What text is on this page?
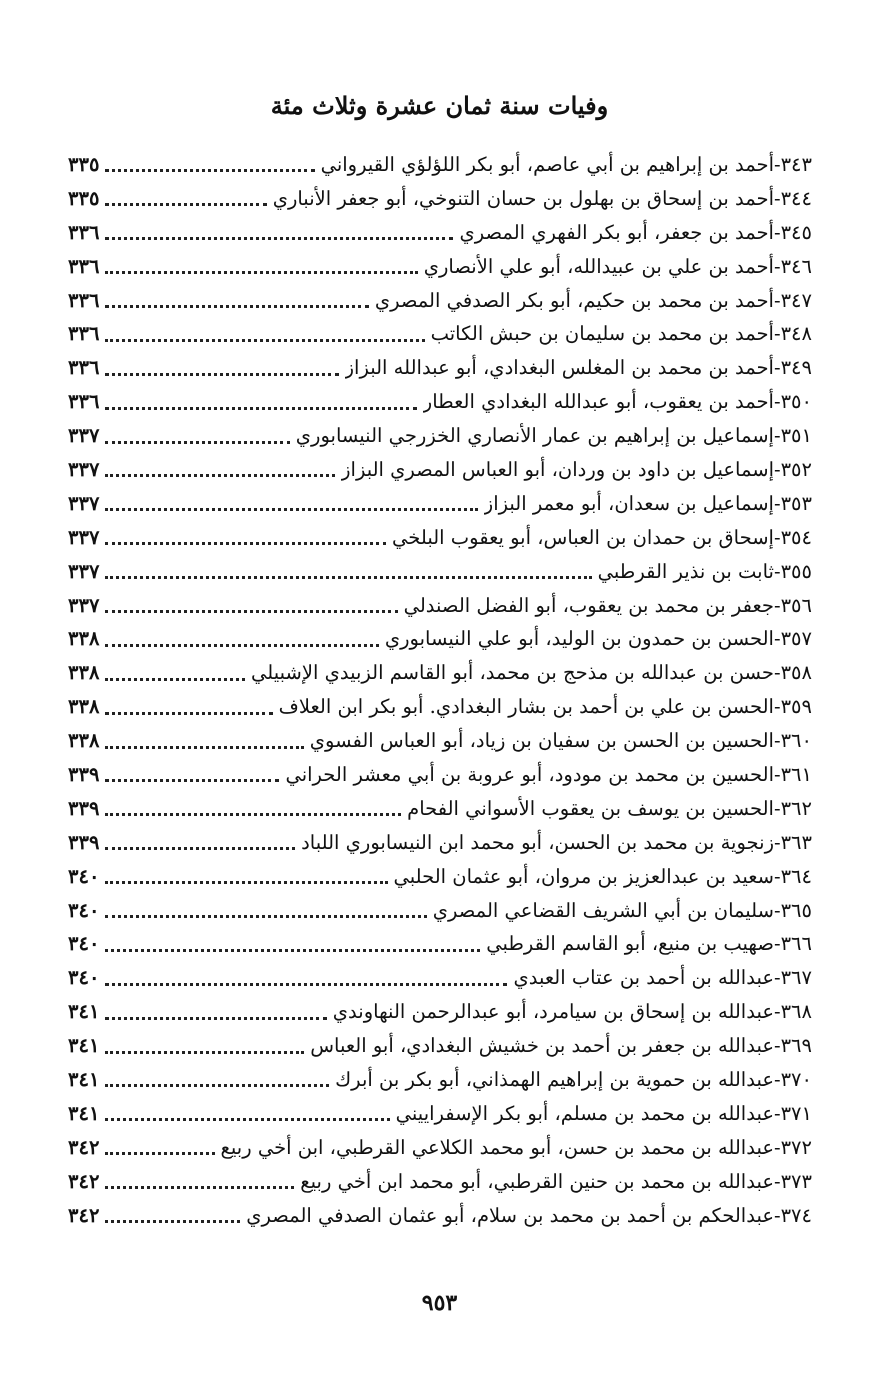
وفيات سنة ثمان عشرة وثلاث مئة
٣٤٣-
أحمد بن إبراهيم بن أبي عاصم، أبو بكر اللؤلؤي القيرواني
٣٣٥
٣٤٤-
أحمد بن إسحاق بن بهلول بن حسان التنوخي، أبو جعفر الأنباري
٣٣٥
٣٤٥-
أحمد بن جعفر، أبو بكر الفهري المصري
٣٣٦
٣٤٦-
أحمد بن علي بن عبيدالله، أبو علي الأنصاري
٣٣٦
٣٤٧-
أحمد بن محمد بن حكيم، أبو بكر الصدفي المصري
٣٣٦
٣٤٨-
أحمد بن محمد بن سليمان بن حبش الكاتب
٣٣٦
٣٤٩-
أحمد بن محمد بن المغلس البغدادي، أبو عبدالله البزاز
٣٣٦
٣٥٠-
أحمد بن يعقوب، أبو عبدالله البغدادي العطار
٣٣٦
٣٥١-
إسماعيل بن إبراهيم بن عمار الأنصاري الخزرجي النيسابوري
٣٣٧
٣٥٢-
إسماعيل بن داود بن وردان، أبو العباس المصري البزاز
٣٣٧
٣٥٣-
إسماعيل بن سعدان، أبو معمر البزاز
٣٣٧
٣٥٤-
إسحاق بن حمدان بن العباس، أبو يعقوب البلخي
٣٣٧
٣٥٥-
ثابت بن نذير القرطبي
٣٣٧
٣٥٦-
جعفر بن محمد بن يعقوب، أبو الفضل الصندلي
٣٣٧
٣٥٧-
الحسن بن حمدون بن الوليد، أبو علي النيسابوري
٣٣٨
٣٥٨-
حسن بن عبدالله بن مذحج بن محمد، أبو القاسم الزبيدي الإشبيلي
٣٣٨
٣٥٩-
الحسن بن علي بن أحمد بن بشار البغدادي. أبو بكر ابن العلاف
٣٣٨
٣٦٠-
الحسين بن الحسن بن سفيان بن زياد، أبو العباس الفسوي
٣٣٨
٣٦١-
الحسين بن محمد بن مودود، أبو عروبة بن أبي معشر الحراني
٣٣٩
٣٦٢-
الحسين بن يوسف بن يعقوب الأسواني الفحام
٣٣٩
٣٦٣-
زنجوية بن محمد بن الحسن، أبو محمد ابن النيسابوري اللباد
٣٣٩
٣٦٤-
سعيد بن عبدالعزيز بن مروان، أبو عثمان الحلبي
٣٤٠
٣٦٥-
سليمان بن أبي الشريف القضاعي المصري
٣٤٠
٣٦٦-
صهيب بن منيع، أبو القاسم القرطبي
٣٤٠
٣٦٧-
عبدالله بن أحمد بن عتاب العبدي
٣٤٠
٣٦٨-
عبدالله بن إسحاق بن سيامرد، أبو عبدالرحمن النهاوندي
٣٤١
٣٦٩-
عبدالله بن جعفر بن أحمد بن خشيش البغدادي، أبو العباس
٣٤١
٣٧٠-
عبدالله بن حموية بن إبراهيم الهمذاني، أبو بكر بن أبرك
٣٤١
٣٧١-
عبدالله بن محمد بن مسلم، أبو بكر الإسفراييني
٣٤١
٣٧٢-
عبدالله بن محمد بن حسن، أبو محمد الكلاعي القرطبي، ابن أخي ربيع
٣٤٢
٣٧٣-
عبدالله بن محمد بن حنين القرطبي، أبو محمد ابن أخي ربيع
٣٤٢
٣٧٤-
عبدالحكم بن أحمد بن محمد بن سلام، أبو عثمان الصدفي المصري
٣٤٢
٩٥٣
